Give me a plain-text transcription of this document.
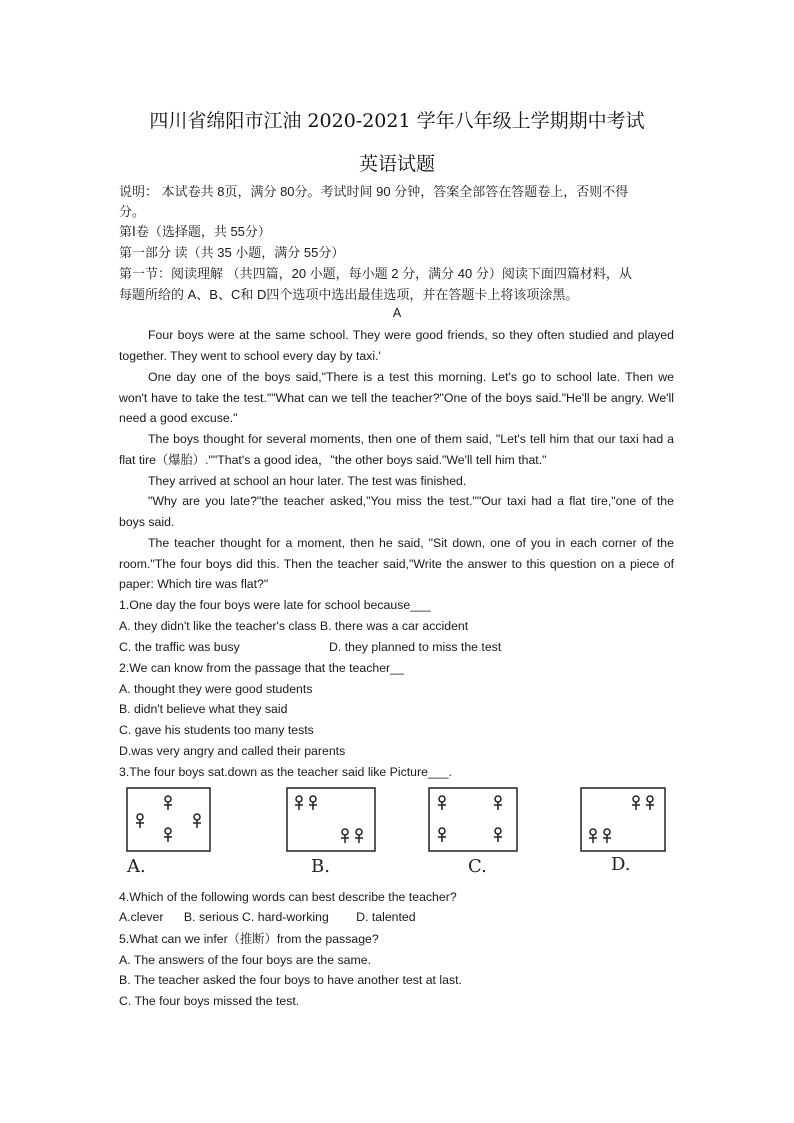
四川省绵阳市江油 2020-2021 学年八年级上学期期中考试
英语试题
说明： 本试卷共 8页，满分 80分。考试时间 90 分钟，答案全部答在答题卷上，否则不得
分。
第Ⅰ卷（选择题，共 55分）
第一部分 读（共 35 小题，满分 55分）
第一节：阅读理解 （共四篇，20 小题，每小题 2 分，满分 40 分）阅读下面四篇材料，从
每题所给的 A、B、C和 D四个选项中选出最佳选项，并在答题卡上将该项涂黑。
A
Four boys were at the same school. They were good friends, so they often studied and played together. They went to school every day by taxi.'
One day one of the boys said,"There is a test this morning. Let's go to school late. Then we won't have to take the test.""What can we tell the teacher?"One of the boys said."He'll be angry. We'll need a good excuse."
The boys thought for several moments, then one of them said, "Let's tell him that our taxi had a flat tire（爆胎）.""That's a good idea，"the other boys said."We'll tell him that."
They arrived at school an hour later. The test was finished.
"Why are you late?"the teacher asked,"You miss the test.""Our taxi had a flat tire,"one of the boys said.
The teacher thought for a moment, then he said, "Sit down, one of you in each corner of the room."The four boys did this. Then the teacher said,"Write the answer to this question on a piece of paper: Which tire was flat?"
1.One day the four boys were late for school because___
A. they didn't like the teacher's class B. there was a car accident
C. the traffic was busy	D. they planned to miss the test
2.We can know from the passage that the teacher__
A. thought they were good students
B. didn't believe what they said
C. gave his students too many tests
D.was very angry and called their parents
3.The four boys sat.down as the teacher said like Picture___.
A.	B.	C.	D.
4.Which of the following words can best describe the teacher?
A.clever      B. serious C. hard-working        D. talented
5.What can we infer（推断）from the passage?
A. The answers of the four boys are the same.
B. The teacher asked the four boys to have another test at last.
C. The four boys missed the test.
